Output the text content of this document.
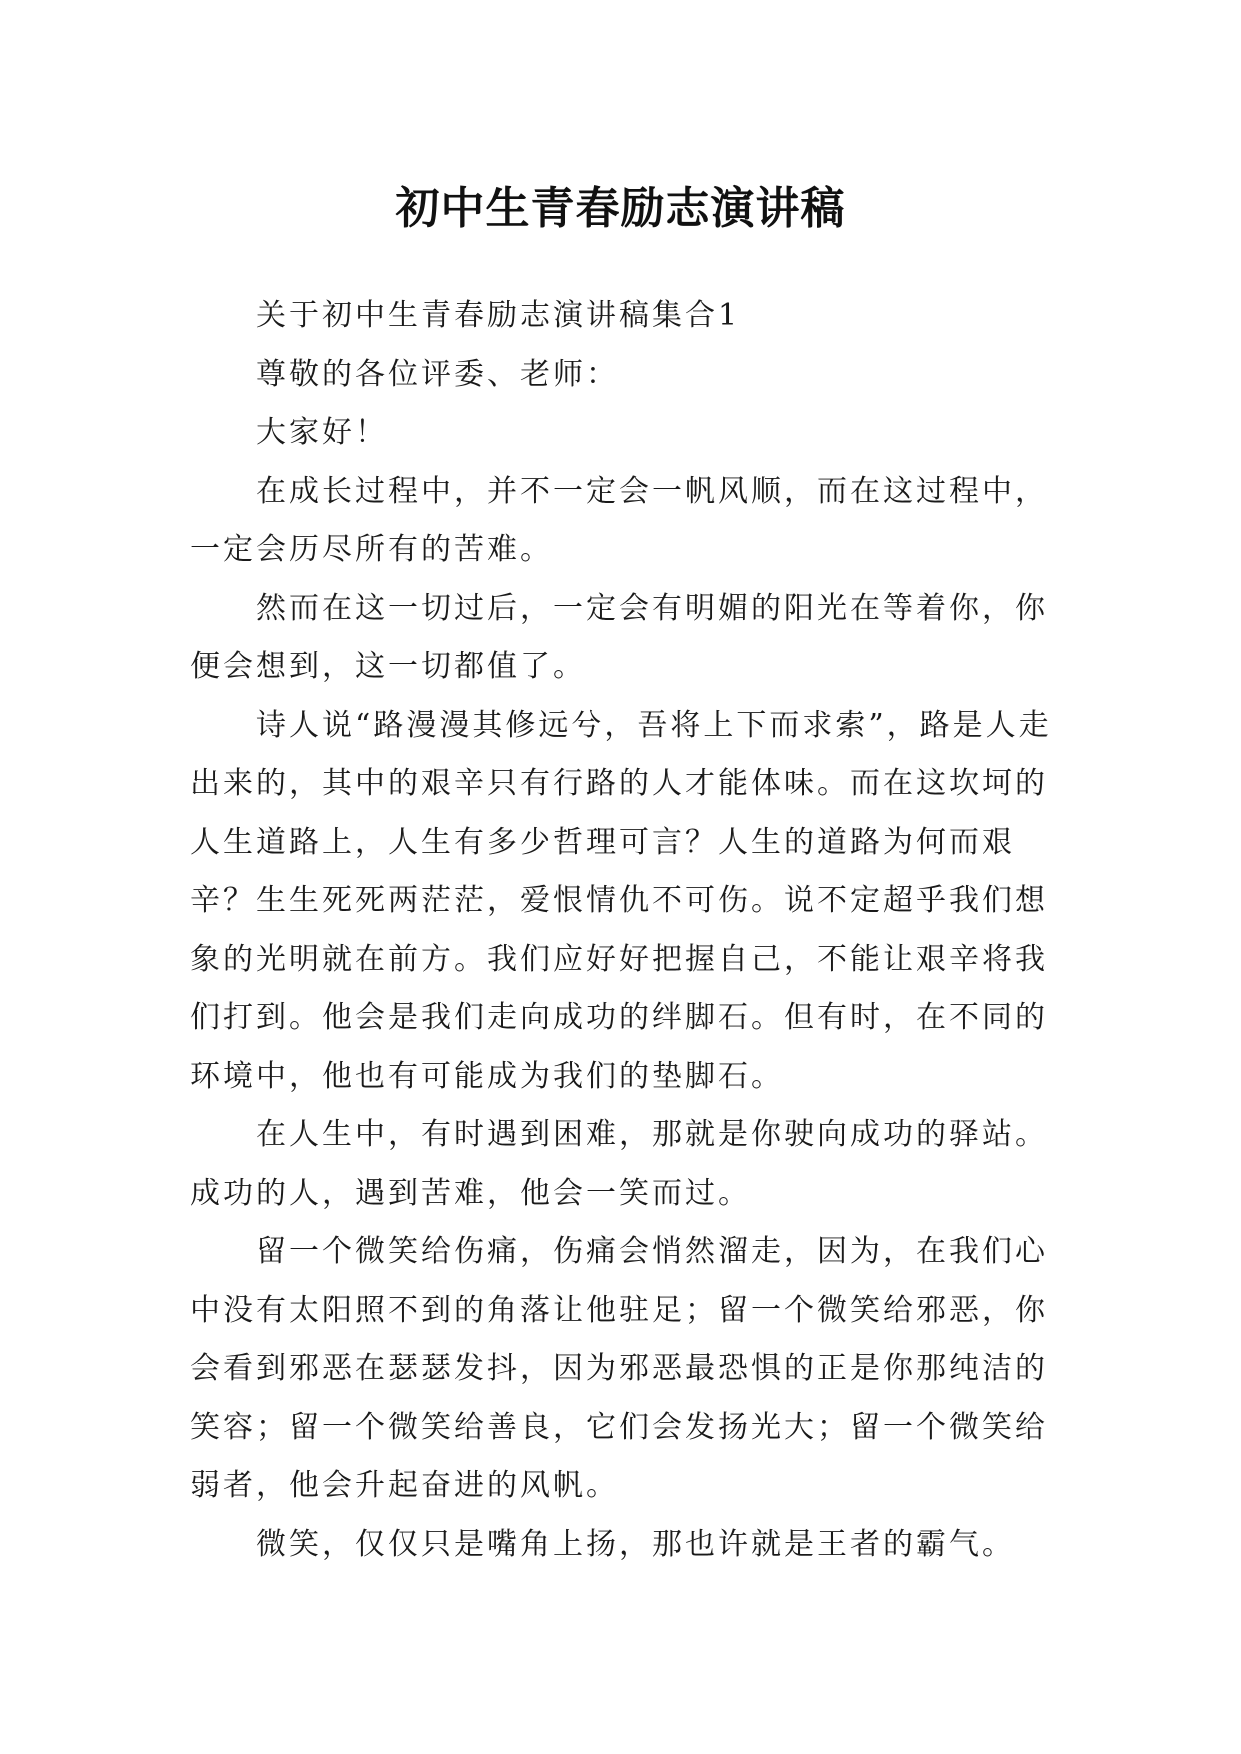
初中生青春励志演讲稿

关于初中生青春励志演讲稿集合1

尊敬的各位评委、老师：

大家好！

在成长过程中，并不一定会一帆风顺，而在这过程中，一定会历尽所有的苦难。

然而在这一切过后，一定会有明媚的阳光在等着你，你便会想到，这一切都值了。

诗人说“路漫漫其修远兮，吾将上下而求索”，路是人走出来的，其中的艰辛只有行路的人才能体味。而在这坎坷的人生道路上，人生有多少哲理可言？人生的道路为何而艰辛？生生死死两茫茫，爱恨情仇不可伤。说不定超乎我们想象的光明就在前方。我们应好好把握自己，不能让艰辛将我们打到。他会是我们走向成功的绊脚石。但有时，在不同的环境中，他也有可能成为我们的垫脚石。

在人生中，有时遇到困难，那就是你驶向成功的驿站。成功的人，遇到苦难，他会一笑而过。

留一个微笑给伤痛，伤痛会悄然溜走，因为，在我们心中没有太阳照不到的角落让他驻足；留一个微笑给邪恶，你会看到邪恶在瑟瑟发抖，因为邪恶最恐惧的正是你那纯洁的笑容；留一个微笑给善良，它们会发扬光大；留一个微笑给弱者，他会升起奋进的风帆。

微笑，仅仅只是嘴角上扬，那也许就是王者的霸气。
